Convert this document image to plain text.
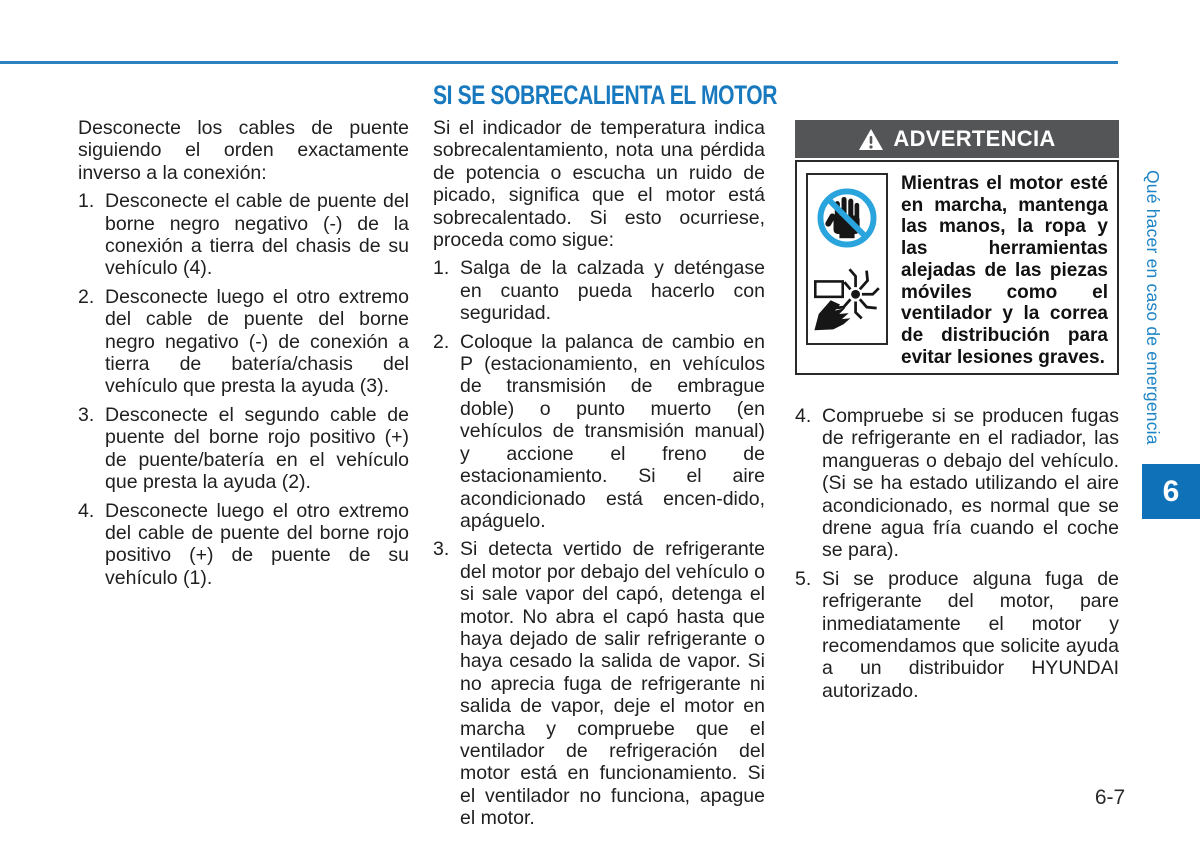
SI SE SOBRECALIENTA EL MOTOR

Desconecte los cables de puente siguiendo el orden exactamente inverso a la conexión:

1. Desconecte el cable de puente del borne negro negativo (-) de la conexión a tierra del chasis de su vehículo (4).
2. Desconecte luego el otro extremo del cable de puente del borne negro negativo (-) de conexión a tierra de batería/chasis del vehículo que presta la ayuda (3).
3. Desconecte el segundo cable de puente del borne rojo positivo (+) de puente/batería en el vehículo que presta la ayuda (2).
4. Desconecte luego el otro extremo del cable de puente del borne rojo positivo (+) de puente de su vehículo (1).

Si el indicador de temperatura indica sobrecalentamiento, nota una pérdida de potencia o escucha un ruido de picado, significa que el motor está sobrecalentado. Si esto ocurriese, proceda como sigue:

1. Salga de la calzada y deténgase en cuanto pueda hacerlo con seguridad.
2. Coloque la palanca de cambio en P (estacionamiento, en vehículos de transmisión de embrague doble) o punto muerto (en vehículos de transmisión manual) y accione el freno de estacionamiento. Si el aire acondicionado está encen-dido, apáguelo.
3. Si detecta vertido de refrigerante del motor por debajo del vehículo o si sale vapor del capó, detenga el motor. No abra el capó hasta que haya dejado de salir refrigerante o haya cesado la salida de vapor. Si no aprecia fuga de refrigerante ni salida de vapor, deje el motor en marcha y compruebe que el ventilador de refrigeración del motor está en funcionamiento. Si el ventilador no funciona, apague el motor.
ADVERTENCIA
Mientras el motor esté en marcha, mantenga las manos, la ropa y las herramientas alejadas de las piezas móviles como el ventilador y la correa de distribución para evitar lesiones graves.
4. Compruebe si se producen fugas de refrigerante en el radiador, las mangueras o debajo del vehículo. (Si se ha estado utilizando el aire acondicionado, es normal que se drene agua fría cuando el coche se para).
5. Si se produce alguna fuga de refrigerante del motor, pare inmediatamente el motor y recomendamos que solicite ayuda a un distribuidor HYUNDAI autorizado.
Qué hacer en caso de emergencia
6
6-7
